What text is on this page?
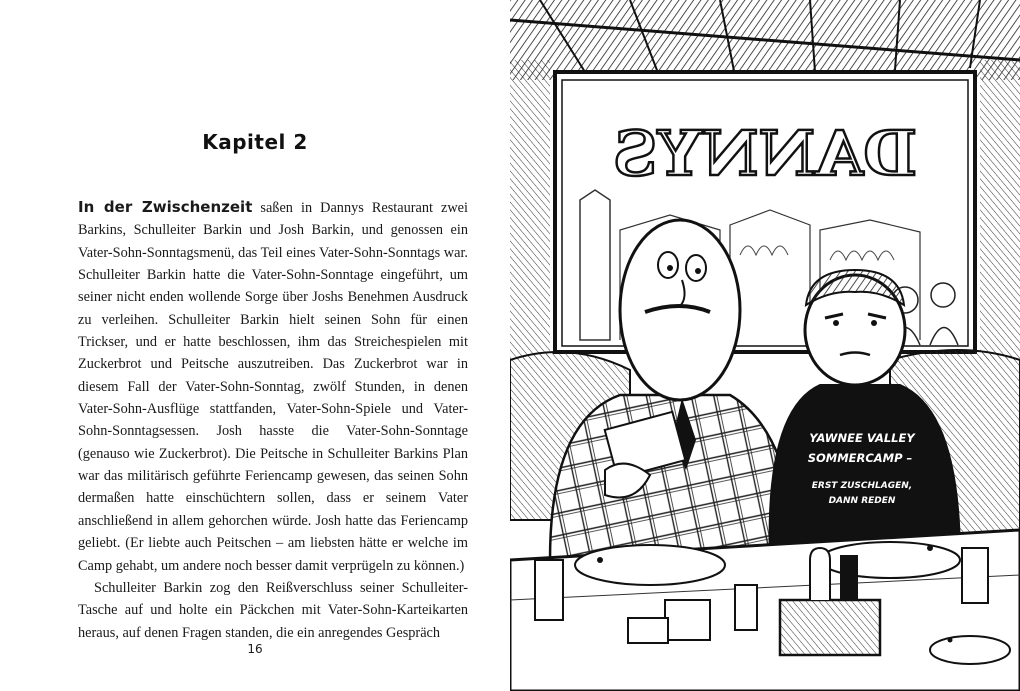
Kapitel 2

In der Zwischenzeit saßen in Dannys Restaurant zwei Barkins, Schulleiter Barkin und Josh Barkin, und genossen ein Vater-Sohn-Sonntagsmenü, das Teil eines Vater-Sohn-Sonntags war. Schulleiter Barkin hatte die Vater-Sohn-Sonntage eingeführt, um seiner nicht enden wollende Sorge über Joshs Benehmen Ausdruck zu verleihen. Schulleiter Barkin hielt seinen Sohn für einen Trickser, und er hatte beschlossen, ihm das Streichespielen mit Zuckerbrot und Peitsche auszutreiben. Das Zuckerbrot war in diesem Fall der Vater-Sohn-Sonntag, zwölf Stunden, in denen Vater-Sohn-Ausflüge stattfanden, Vater-Sohn-Spiele und Vater-Sohn-Sonntagsessen. Josh hasste die Vater-Sohn-Sonntage (genauso wie Zuckerbrot). Die Peitsche in Schulleiter Barkins Plan war das militärisch geführte Feriencamp gewesen, das seinen Sohn dermaßen hatte einschüchtern sollen, dass er seinem Vater anschließend in allem gehorchen würde. Josh hatte das Feriencamp geliebt. (Er liebte auch Peitschen – am liebsten hätte er welche im Camp gehabt, um andere noch besser damit verprügeln zu können.)

Schulleiter Barkin zog den Reißverschluss seiner Schulleiter-Tasche auf und holte ein Päckchen mit Vater-Sohn-Karteikarten heraus, auf denen Fragen standen, die ein anregendes Gespräch

16
DANNYS
YAWNEE VALLEY
SOMMERCAMP –
ERST ZUSCHLAGEN,
DANN REDEN
